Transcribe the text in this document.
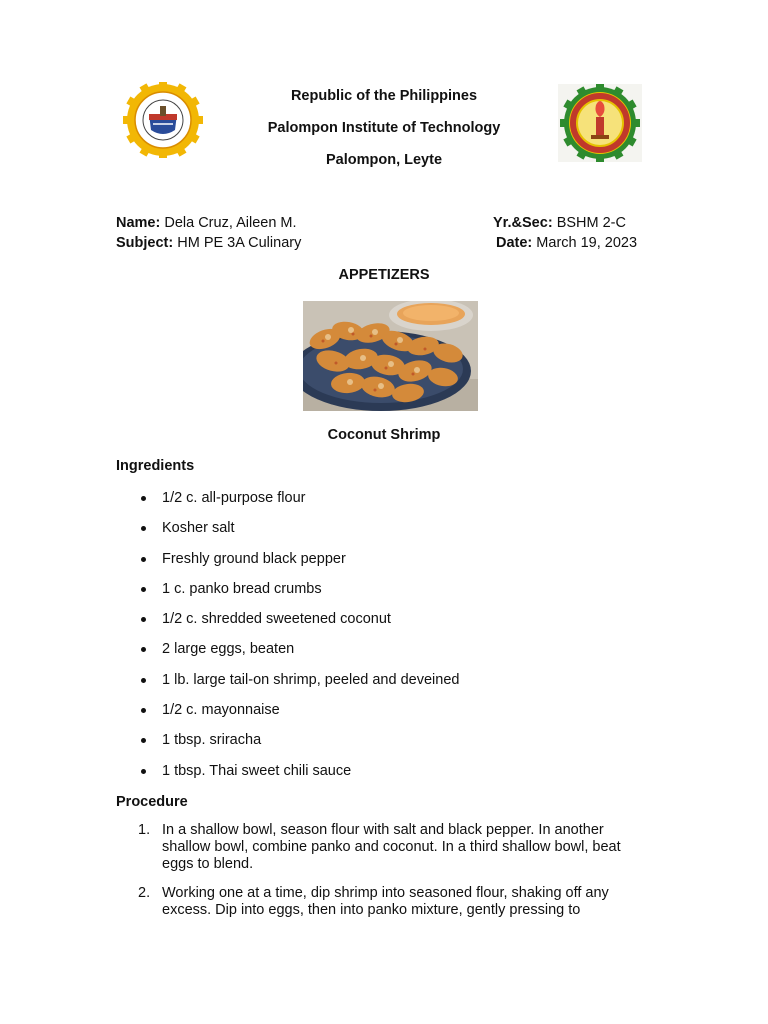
Republic of the Philippines
Palompon Institute of Technology
Palompon, Leyte
Name: Dela Cruz, Aileen M.
Subject: HM PE 3A Culinary
Yr.&Sec: BSHM 2-C
Date: March 19, 2023
APPETIZERS
Coconut Shrimp
Ingredients
1/2 c. all-purpose flour
Kosher salt
Freshly ground black pepper
1 c. panko bread crumbs
1/2 c. shredded sweetened coconut
2 large eggs, beaten
1 lb. large tail-on shrimp, peeled and deveined
1/2 c. mayonnaise
1 tbsp. sriracha
1 tbsp. Thai sweet chili sauce
Procedure
1. In a shallow bowl, season flour with salt and black pepper. In another shallow bowl, combine panko and coconut. In a third shallow bowl, beat eggs to blend.
2. Working one at a time, dip shrimp into seasoned flour, shaking off any excess. Dip into eggs, then into panko mixture, gently pressing to
